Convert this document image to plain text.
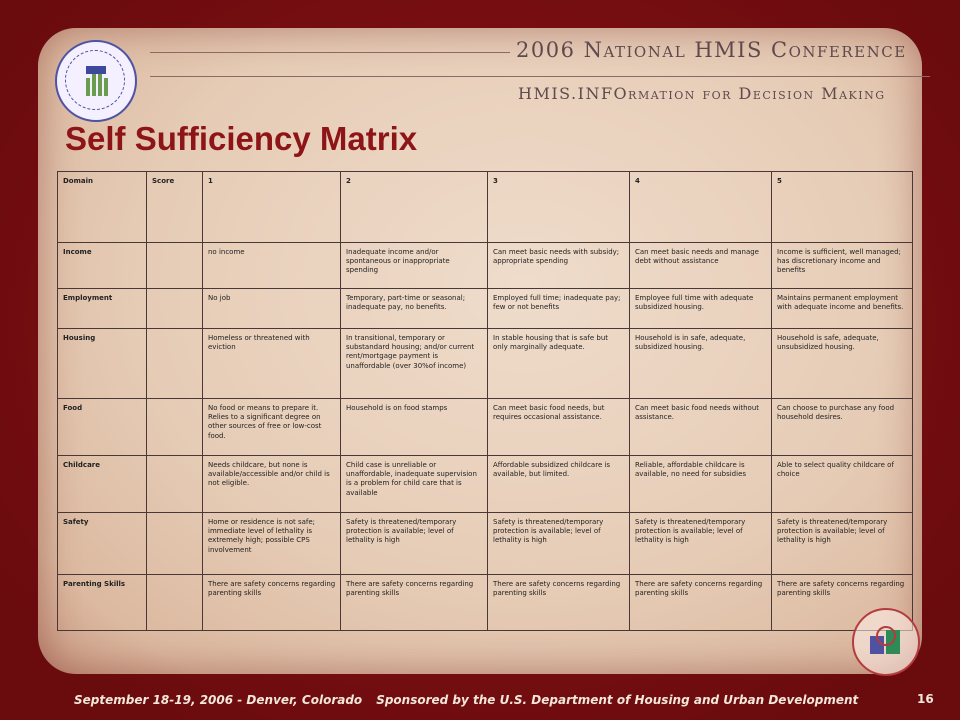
2006 National HMIS Conference
HMIS.INFOrmation for Decision Making
Self Sufficiency Matrix
Domain	Score	1	2	3	4	5
Income		no income	Inadequate income and/or spontaneous or inappropriate spending	Can meet basic needs with subsidy; appropriate spending	Can meet basic needs and manage debt without assistance	Income is sufficient, well managed; has discretionary income and benefits
Employment		No job	Temporary, part-time or seasonal; inadequate pay, no benefits.	Employed full time; inadequate pay; few or not benefits	Employee full time with adequate subsidized housing.	Maintains permanent employment with adequate income and benefits.
Housing		Homeless or threatened with eviction	In transitional, temporary or substandard housing; and/or current rent/mortgage payment is unaffordable (over 30%of income)	In stable housing that is safe but only marginally adequate.	Household is in safe, adequate, subsidized housing.	Household is safe, adequate, unsubsidized housing.
Food		No food or means to prepare it. Relies to a significant degree on other sources of free or low-cost food.	Household is on food stamps	Can meet basic food needs, but requires occasional assistance.	Can meet basic food needs without assistance.	Can choose to purchase any food household desires.
Childcare		Needs childcare, but none is available/accessible and/or child is not eligible.	Child case is unreliable or unaffordable, inadequate supervision is a problem for child care that is available	Affordable subsidized childcare is available, but limited.	Reliable, affordable childcare is available, no need for subsidies	Able to select quality childcare of choice
Safety		Home or residence is not safe; immediate level of lethality is extremely high; possible CPS involvement	Safety is threatened/temporary protection is available; level of lethality is high	Safety is threatened/temporary protection is available; level of lethality is high	Safety is threatened/temporary protection is available; level of lethality is high	Safety is threatened/temporary protection is available; level of lethality is high
Parenting Skills		There are safety concerns regarding parenting skills	There are safety concerns regarding parenting skills	There are safety concerns regarding parenting skills	There are safety concerns regarding parenting skills	There are safety concerns regarding parenting skills
September 18-19, 2006 - Denver, Colorado Sponsored by the U.S. Department of Housing and Urban Development	16
